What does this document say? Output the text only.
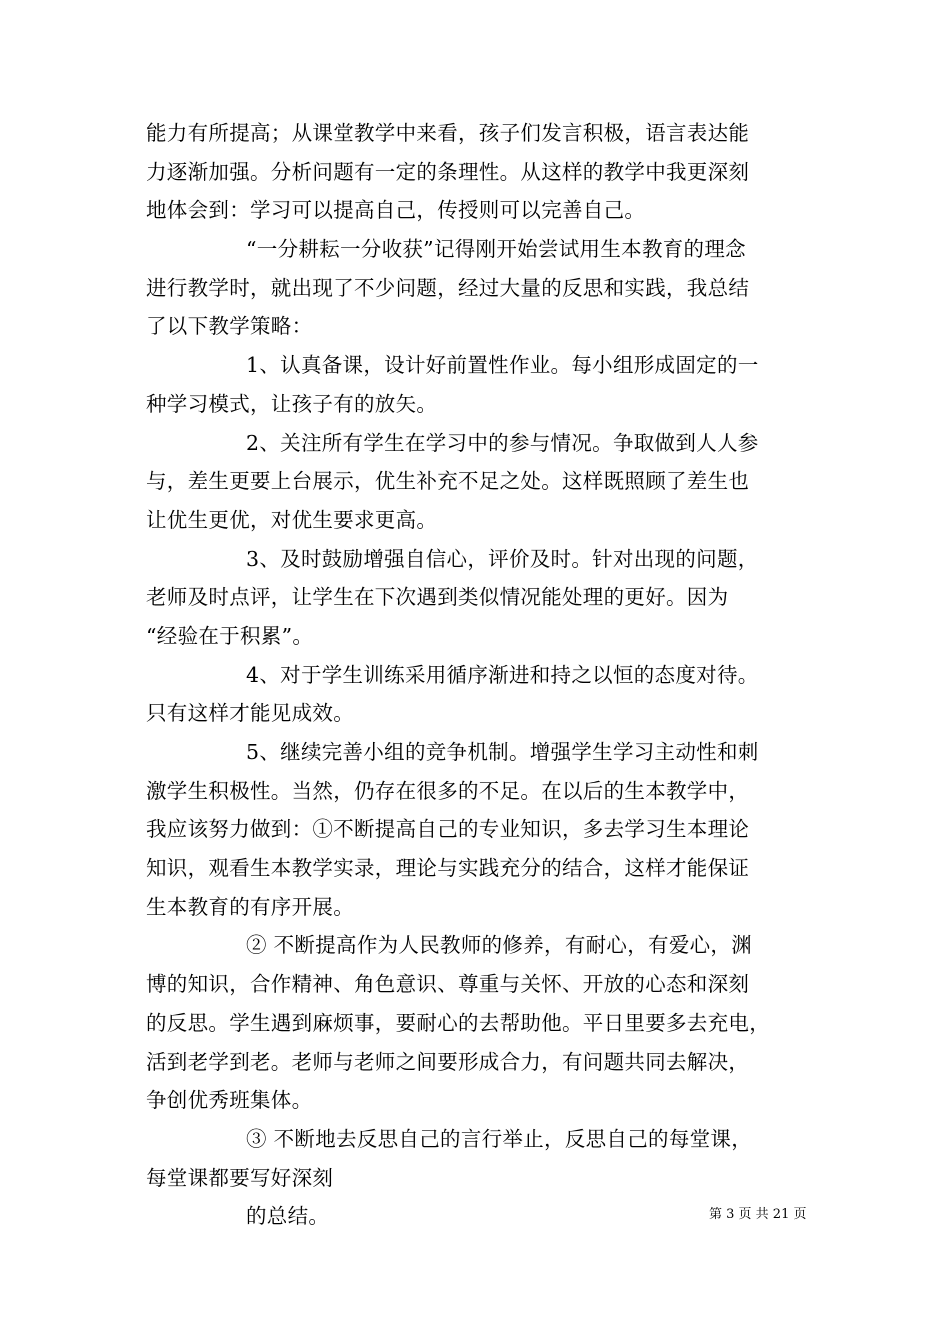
能力有所提高；从课堂教学中来看，孩子们发言积极，语言表达能
力逐渐加强。分析问题有一定的条理性。从这样的教学中我更深刻
地体会到：学习可以提高自己，传授则可以完善自己。
“一分耕耘一分收获”记得刚开始尝试用生本教育的理念
进行教学时，就出现了不少问题，经过大量的反思和实践，我总结
了以下教学策略：
1、认真备课，设计好前置性作业。每小组形成固定的一
种学习模式，让孩子有的放矢。
2、关注所有学生在学习中的参与情况。争取做到人人参
与，差生更要上台展示，优生补充不足之处。这样既照顾了差生也
让优生更优，对优生要求更高。
3、及时鼓励增强自信心，评价及时。针对出现的问题，
老师及时点评，让学生在下次遇到类似情况能处理的更好。因为
“经验在于积累”。
4、对于学生训练采用循序渐进和持之以恒的态度对待。
只有这样才能见成效。
5、继续完善小组的竞争机制。增强学生学习主动性和刺
激学生积极性。当然，仍存在很多的不足。在以后的生本教学中，
我应该努力做到：①不断提高自己的专业知识，多去学习生本理论
知识，观看生本教学实录，理论与实践充分的结合，这样才能保证
生本教育的有序开展。
② 不断提高作为人民教师的修养，有耐心，有爱心，渊
博的知识，合作精神、角色意识、尊重与关怀、开放的心态和深刻
的反思。学生遇到麻烦事，要耐心的去帮助他。平日里要多去充电，
活到老学到老。老师与老师之间要形成合力，有问题共同去解决，
争创优秀班集体。
③ 不断地去反思自己的言行举止，反思自己的每堂课，
每堂课都要写好深刻
的总结。	第 3 页 共 21 页
